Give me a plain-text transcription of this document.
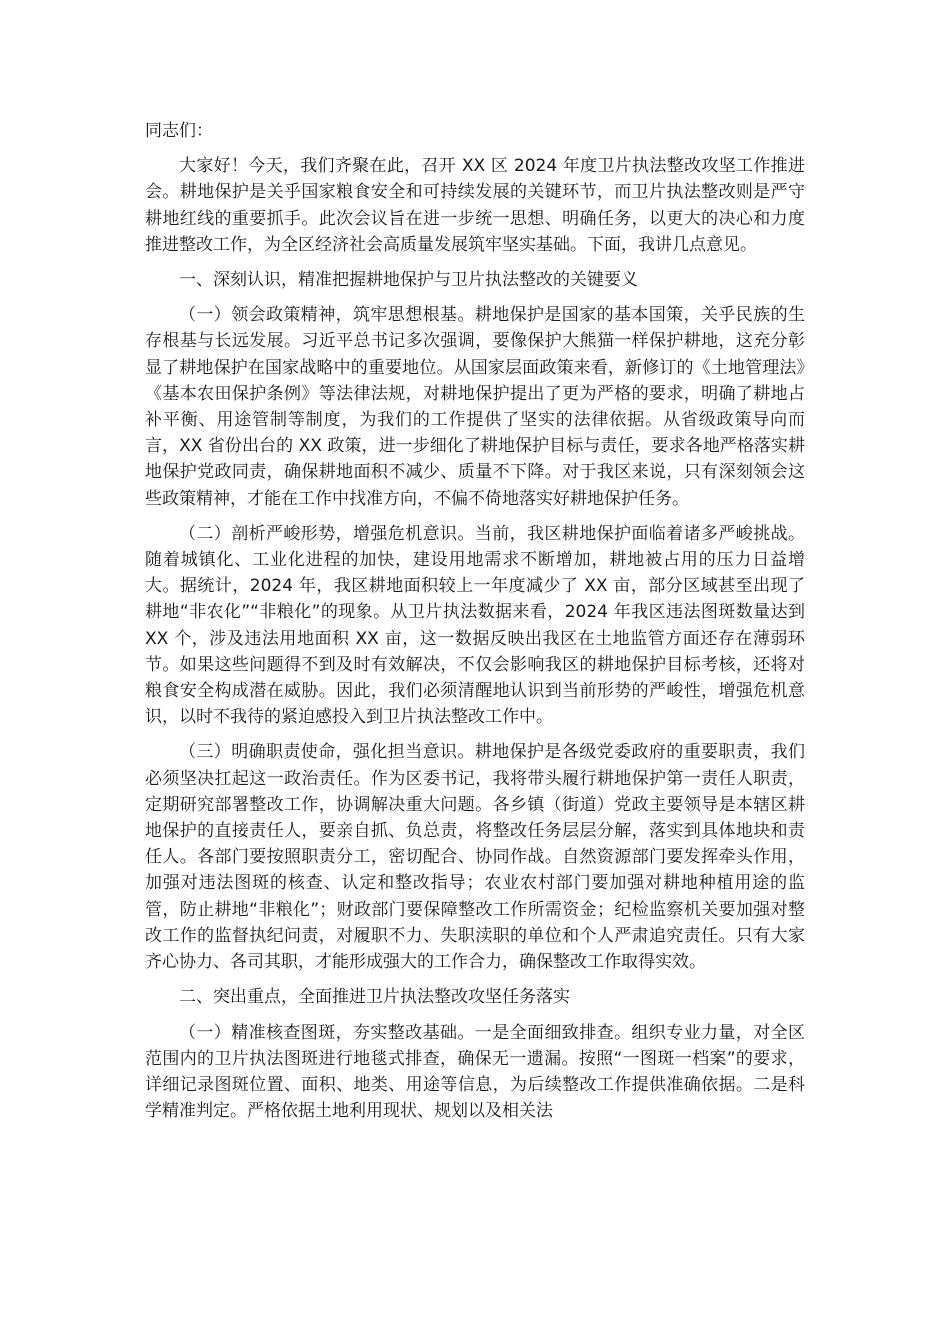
同志们：

大家好！今天，我们齐聚在此，召开 XX 区 2024 年度卫片执法整改攻坚工作推进会。耕地保护是关乎国家粮食安全和可持续发展的关键环节，而卫片执法整改则是严守耕地红线的重要抓手。此次会议旨在进一步统一思想、明确任务，以更大的决心和力度推进整改工作，为全区经济社会高质量发展筑牢坚实基础。下面，我讲几点意见。

一、深刻认识，精准把握耕地保护与卫片执法整改的关键要义

（一）领会政策精神，筑牢思想根基。耕地保护是国家的基本国策，关乎民族的生存根基与长远发展。习近平总书记多次强调，要像保护大熊猫一样保护耕地，这充分彰显了耕地保护在国家战略中的重要地位。从国家层面政策来看，新修订的《土地管理法》《基本农田保护条例》等法律法规，对耕地保护提出了更为严格的要求，明确了耕地占补平衡、用途管制等制度，为我们的工作提供了坚实的法律依据。从省级政策导向而言，XX 省份出台的 XX 政策，进一步细化了耕地保护目标与责任，要求各地严格落实耕地保护党政同责，确保耕地面积不减少、质量不下降。对于我区来说，只有深刻领会这些政策精神，才能在工作中找准方向，不偏不倚地落实好耕地保护任务。

（二）剖析严峻形势，增强危机意识。当前，我区耕地保护面临着诸多严峻挑战。随着城镇化、工业化进程的加快，建设用地需求不断增加，耕地被占用的压力日益增大。据统计，2024 年，我区耕地面积较上一年度减少了 XX 亩，部分区域甚至出现了耕地“非农化”“非粮化”的现象。从卫片执法数据来看，2024 年我区违法图斑数量达到 XX 个，涉及违法用地面积 XX 亩，这一数据反映出我区在土地监管方面还存在薄弱环节。如果这些问题得不到及时有效解决，不仅会影响我区的耕地保护目标考核，还将对粮食安全构成潜在威胁。因此，我们必须清醒地认识到当前形势的严峻性，增强危机意识，以时不我待的紧迫感投入到卫片执法整改工作中。

（三）明确职责使命，强化担当意识。耕地保护是各级党委政府的重要职责，我们必须坚决扛起这一政治责任。作为区委书记，我将带头履行耕地保护第一责任人职责，定期研究部署整改工作，协调解决重大问题。各乡镇（街道）党政主要领导是本辖区耕地保护的直接责任人，要亲自抓、负总责，将整改任务层层分解，落实到具体地块和责任人。各部门要按照职责分工，密切配合、协同作战。自然资源部门要发挥牵头作用，加强对违法图斑的核查、认定和整改指导；农业农村部门要加强对耕地种植用途的监管，防止耕地“非粮化”；财政部门要保障整改工作所需资金；纪检监察机关要加强对整改工作的监督执纪问责，对履职不力、失职渎职的单位和个人严肃追究责任。只有大家齐心协力、各司其职，才能形成强大的工作合力，确保整改工作取得实效。

二、突出重点，全面推进卫片执法整改攻坚任务落实

（一）精准核查图斑，夯实整改基础。一是全面细致排查。组织专业力量，对全区范围内的卫片执法图斑进行地毯式排查，确保无一遗漏。按照“一图斑一档案”的要求，详细记录图斑位置、面积、地类、用途等信息，为后续整改工作提供准确依据。二是科学精准判定。严格依据土地利用现状、规划以及相关法
